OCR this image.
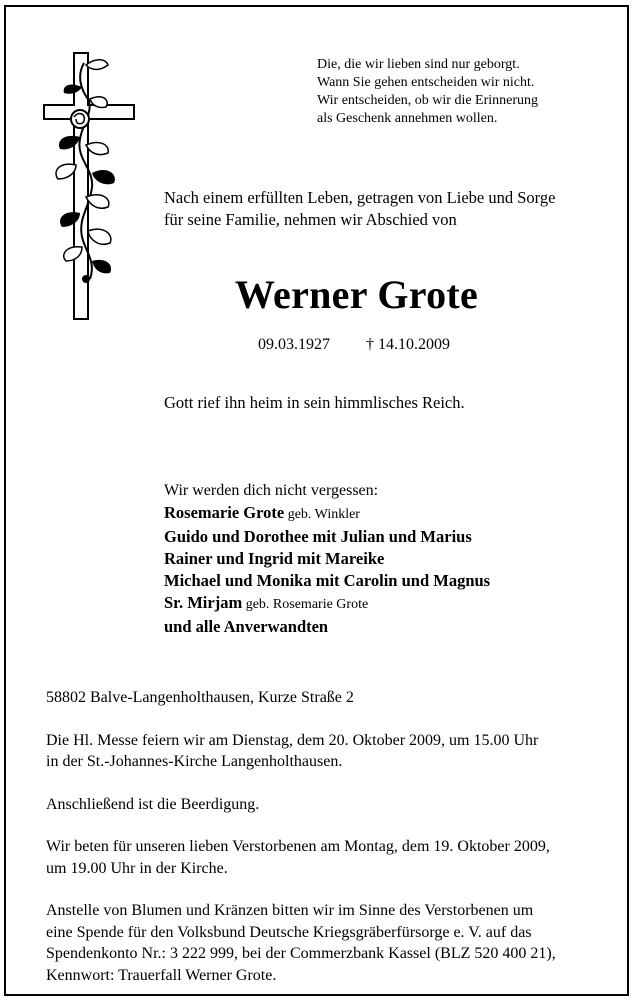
Die, die wir lieben sind nur geborgt.
Wann Sie gehen entscheiden wir nicht.
Wir entscheiden, ob wir die Erinnerung
als Geschenk annehmen wollen.
Nach einem erfüllten Leben, getragen von Liebe und Sorge
für seine Familie, nehmen wir Abschied von
Werner Grote
09.03.1927 † 14.10.2009
Gott rief ihn heim in sein himmlisches Reich.
Wir werden dich nicht vergessen:
Rosemarie Grote geb. Winkler
Guido und Dorothee mit Julian und Marius
Rainer und Ingrid mit Mareike
Michael und Monika mit Carolin und Magnus
Sr. Mirjam geb. Rosemarie Grote
und alle Anverwandten

58802 Balve-Langenholthausen, Kurze Straße 2

Die Hl. Messe feiern wir am Dienstag, dem 20. Oktober 2009, um 15.00 Uhr
in der St.-Johannes-Kirche Langenholthausen.

Anschließend ist die Beerdigung.

Wir beten für unseren lieben Verstorbenen am Montag, dem 19. Oktober 2009,
um 19.00 Uhr in der Kirche.

Anstelle von Blumen und Kränzen bitten wir im Sinne des Verstorbenen um
eine Spende für den Volksbund Deutsche Kriegsgräberfürsorge e. V. auf das
Spendenkonto Nr.: 3 222 999, bei der Commerzbank Kassel (BLZ 520 400 21),
Kennwort: Trauerfall Werner Grote.
